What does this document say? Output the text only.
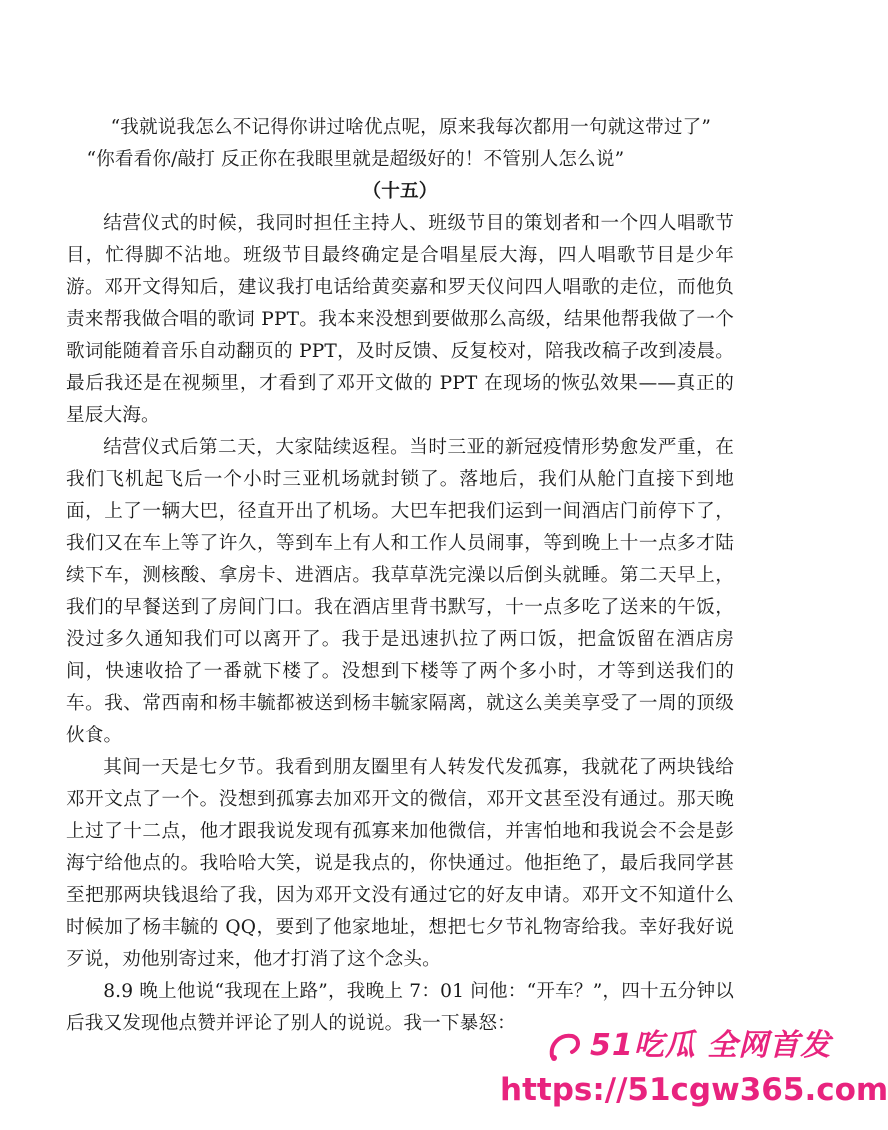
“我就说我怎么不记得你讲过啥优点呢，原来我每次都用一句就这带过了”

“你看看你/敲打 反正你在我眼里就是超级好的！不管别人怎么说”

（十五）

结营仪式的时候，我同时担任主持人、班级节目的策划者和一个四人唱歌节目，忙得脚不沾地。班级节目最终确定是合唱星辰大海，四人唱歌节目是少年游。邓开文得知后，建议我打电话给黄奕嘉和罗天仪问四人唱歌的走位，而他负责来帮我做合唱的歌词 PPT。我本来没想到要做那么高级，结果他帮我做了一个歌词能随着音乐自动翻页的 PPT，及时反馈、反复校对，陪我改稿子改到凌晨。最后我还是在视频里，才看到了邓开文做的 PPT 在现场的恢弘效果——真正的星辰大海。

结营仪式后第二天，大家陆续返程。当时三亚的新冠疫情形势愈发严重，在我们飞机起飞后一个小时三亚机场就封锁了。落地后，我们从舱门直接下到地面，上了一辆大巴，径直开出了机场。大巴车把我们运到一间酒店门前停下了，我们又在车上等了许久，等到车上有人和工作人员闹事，等到晚上十一点多才陆续下车，测核酸、拿房卡、进酒店。我草草洗完澡以后倒头就睡。第二天早上，我们的早餐送到了房间门口。我在酒店里背书默写，十一点多吃了送来的午饭，没过多久通知我们可以离开了。我于是迅速扒拉了两口饭，把盒饭留在酒店房间，快速收拾了一番就下楼了。没想到下楼等了两个多小时，才等到送我们的车。我、常西南和杨丰毓都被送到杨丰毓家隔离，就这么美美享受了一周的顶级伙食。

其间一天是七夕节。我看到朋友圈里有人转发代发孤寡，我就花了两块钱给邓开文点了一个。没想到孤寡去加邓开文的微信，邓开文甚至没有通过。那天晚上过了十二点，他才跟我说发现有孤寡来加他微信，并害怕地和我说会不会是彭海宁给他点的。我哈哈大笑，说是我点的，你快通过。他拒绝了，最后我同学甚至把那两块钱退给了我，因为邓开文没有通过它的好友申请。邓开文不知道什么时候加了杨丰毓的 QQ，要到了他家地址，想把七夕节礼物寄给我。幸好我好说歹说，劝他别寄过来，他才打消了这个念头。

8.9 晚上他说“我现在上路”，我晚上 7：01 问他：“开车？”，四十五分钟以后我又发现他点赞并评论了别人的说说。我一下暴怒：

51吃瓜 全网首发
https://51cgw365.com
